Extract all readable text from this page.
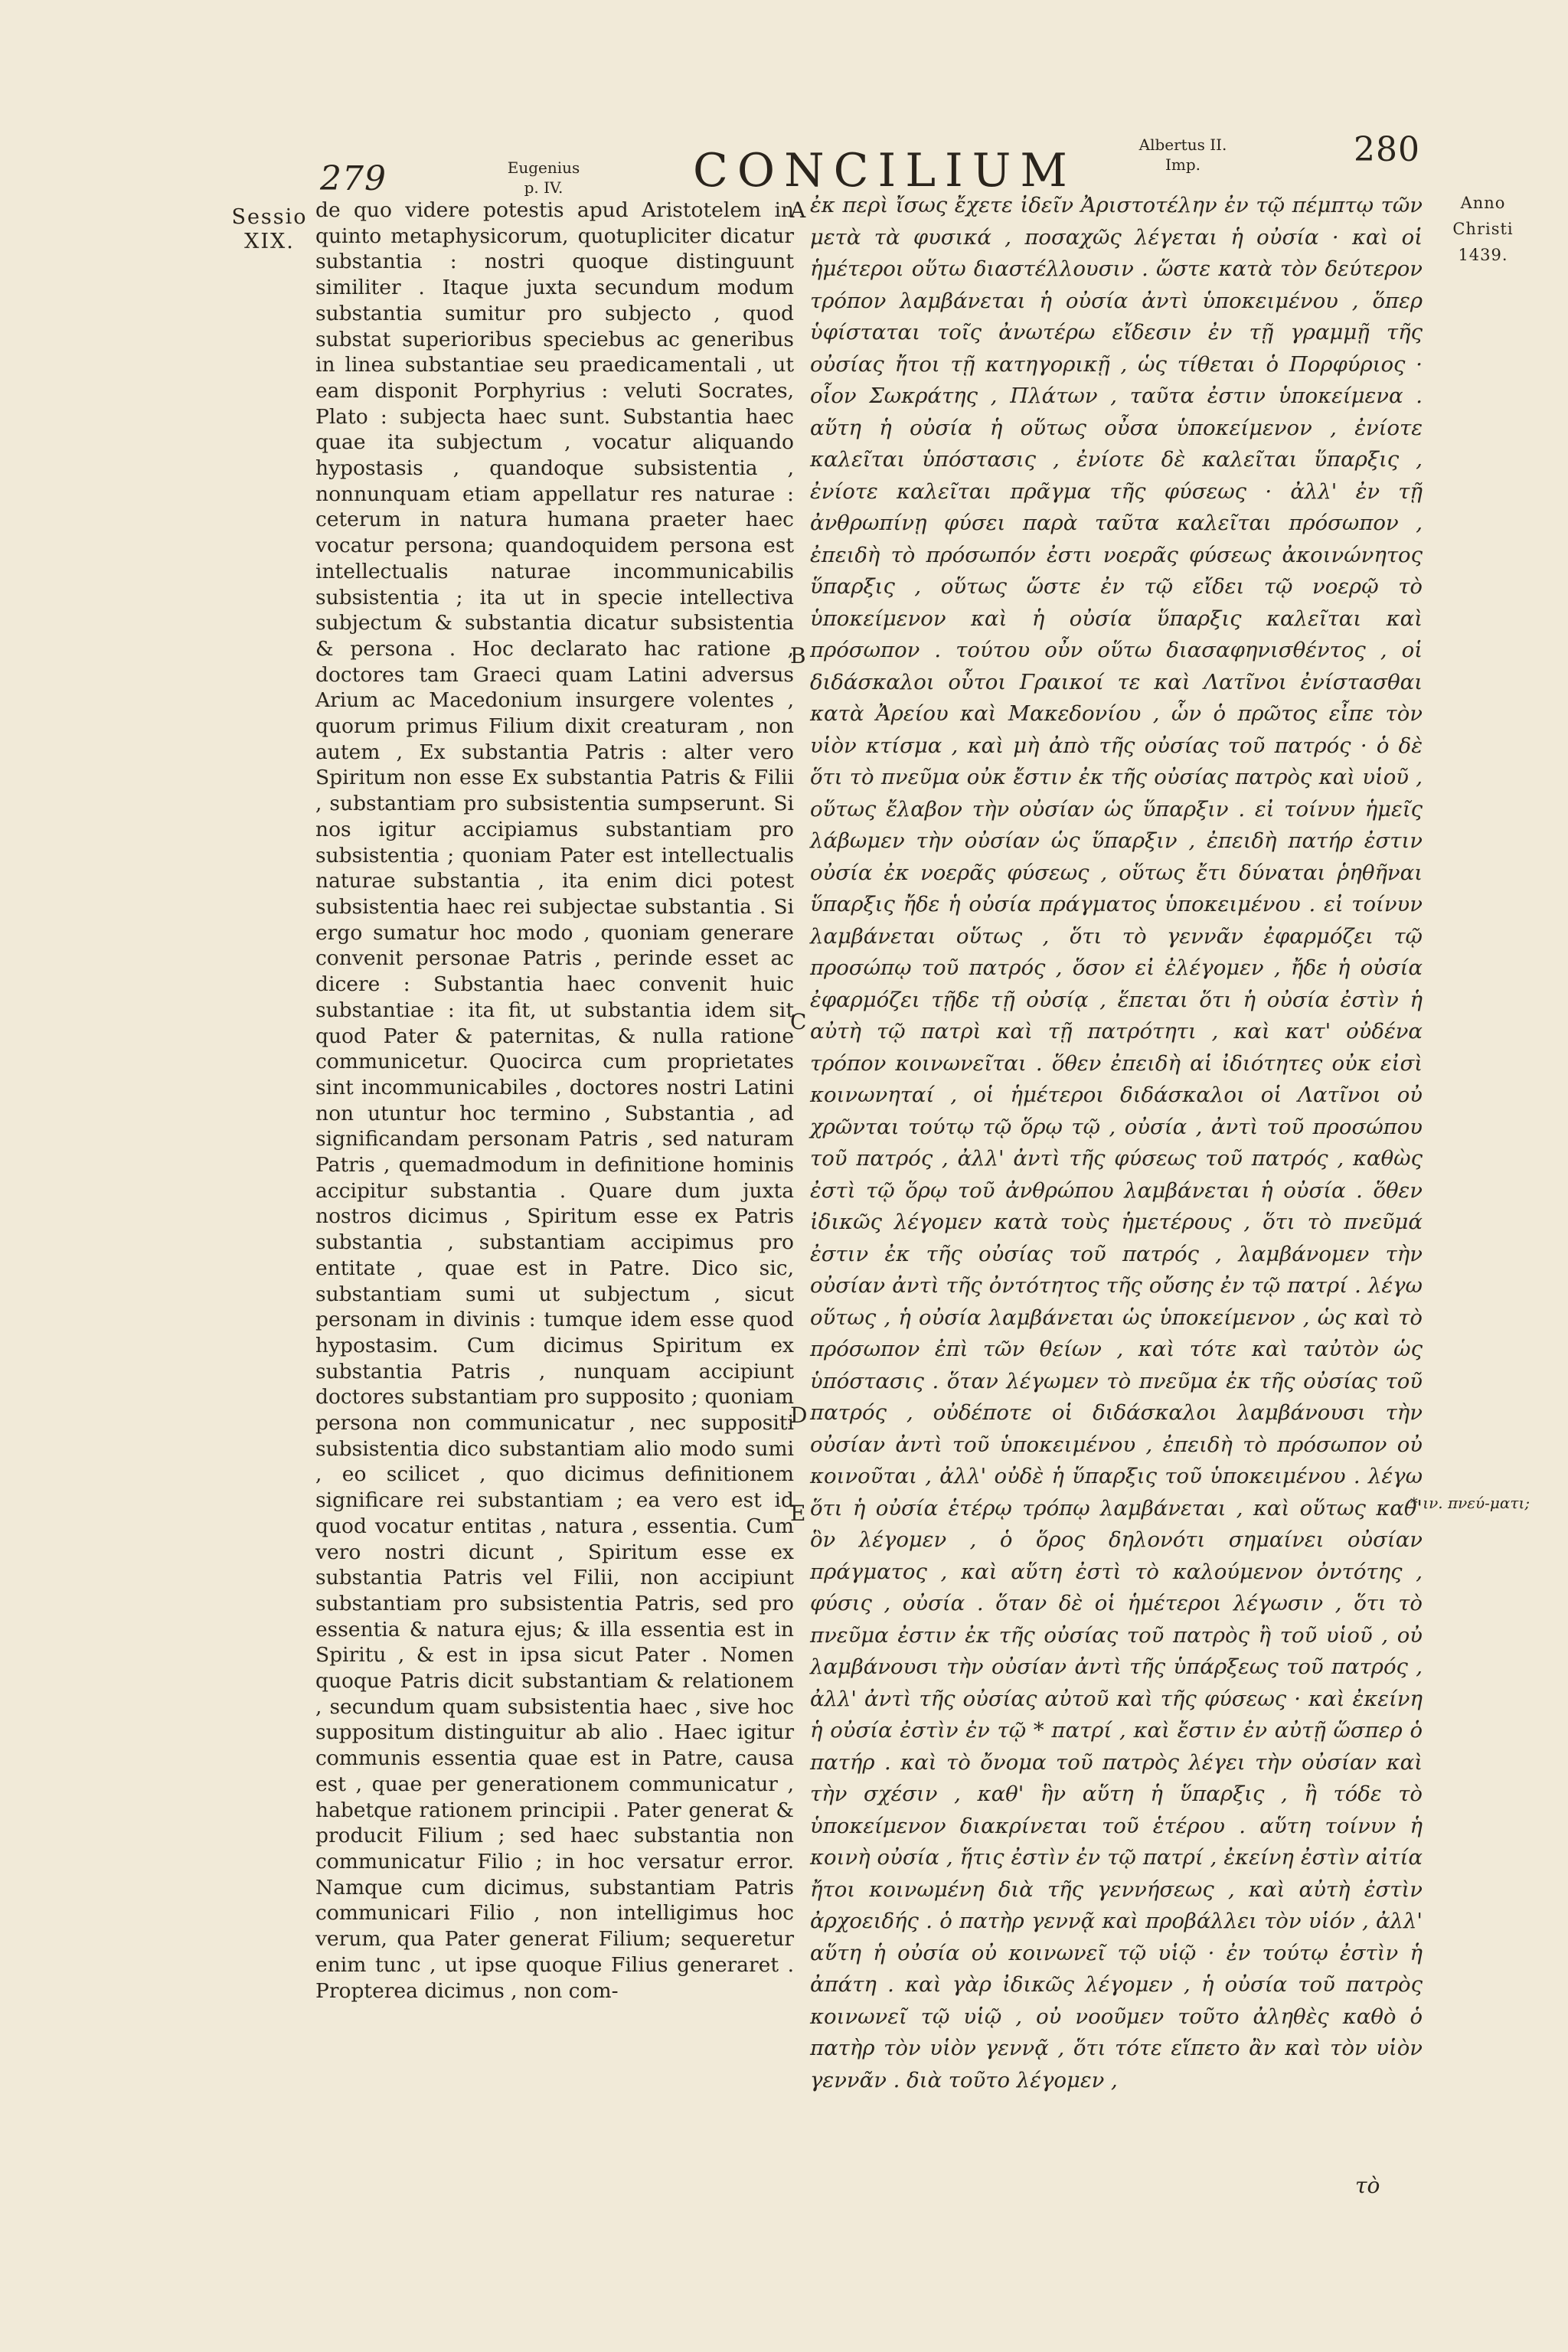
279	Eugenius
p. IV.	CONCILIUM	Albertus II.
Imp.	280
Sessio
XIX.
Anno
Christi
1439.
* ιν. πνεύ-ματι;

de quo videre potestis apud Aristotelem in quinto metaphysicorum, quotupliciter dicatur substantia : nostri quoque distinguunt similiter . Itaque juxta secundum modum substantia sumitur pro subjecto , quod substat superioribus speciebus ac generibus in linea substantiae seu praedicamentali , ut eam disponit Porphyrius : veluti Socrates, Plato : subjecta haec sunt. Substantia haec quae ita subjectum , vocatur aliquando hypostasis , quandoque subsistentia , nonnunquam etiam appellatur res naturae : ceterum in natura humana praeter haec vocatur persona; quandoquidem persona est intellectualis naturae incommunicabilis subsistentia ; ita ut in specie intellectiva subjectum & substantia dicatur subsistentia & persona . Hoc declarato hac ratione , doctores tam Graeci quam Latini adversus Arium ac Macedonium insurgere volentes , quorum primus Filium dixit creaturam , non autem , Ex substantia Patris : alter vero Spiritum non esse Ex substantia Patris & Filii , substantiam pro subsistentia sumpserunt. Si nos igitur accipiamus substantiam pro subsistentia ; quoniam Pater est intellectualis naturae substantia , ita enim dici potest subsistentia haec rei subjectae substantia . Si ergo sumatur hoc modo , quoniam generare convenit personae Patris , perinde esset ac dicere : Substantia haec convenit huic substantiae : ita fit, ut substantia idem sit quod Pater & paternitas, & nulla ratione communicetur. Quocirca cum proprietates sint incommunicabiles , doctores nostri Latini non utuntur hoc termino , Substantia , ad significandam personam Patris , sed naturam Patris , quemadmodum in definitione hominis accipitur substantia . Quare dum juxta nostros dicimus , Spiritum esse ex Patris substantia , substantiam accipimus pro entitate , quae est in Patre. Dico sic, substantiam sumi ut subjectum , sicut personam in divinis : tumque idem esse quod hypostasim. Cum dicimus Spiritum ex substantia Patris , nunquam accipiunt doctores substantiam pro supposito ; quoniam persona non communicatur , nec suppositi subsistentia dico substantiam alio modo sumi , eo scilicet , quo dicimus definitionem significare rei substantiam ; ea vero est id quod vocatur entitas , natura , essentia. Cum vero nostri dicunt , Spiritum esse ex substantia Patris vel Filii, non accipiunt substantiam pro subsistentia Patris, sed pro essentia & natura ejus; & illa essentia est in Spiritu , & est in ipsa sicut Pater . Nomen quoque Patris dicit substantiam & relationem , secundum quam subsistentia haec , sive hoc suppositum distinguitur ab alio . Haec igitur communis essentia quae est in Patre, causa est , quae per generationem communicatur , habetque rationem principii . Pater generat & producit Filium ; sed haec substantia non communicatur Filio ; in hoc versatur error. Namque cum dicimus, substantiam Patris communicari Filio , non intelligimus hoc verum, qua Pater generat Filium; sequeretur enim tunc , ut ipse quoque Filius generaret . Propterea dicimus , non com-

A
B
C
D
E

ἐκ περὶ ἴσως ἔχετε ἰδεῖν Ἀριστοτέλην ἐν τῷ πέμπτῳ τῶν μετὰ τὰ φυσικά , ποσαχῶς λέγεται ἡ οὐσία · καὶ οἱ ἡμέτεροι οὕτω διαστέλλουσιν . ὥστε κατὰ τὸν δεύτερον τρόπον λαμβάνεται ἡ οὐσία ἀντὶ ὑποκειμένου , ὅπερ ὑφίσταται τοῖς ἀνωτέρω εἴδεσιν ἐν τῇ γραμμῇ τῆς οὐσίας ἤτοι τῇ κατηγορικῇ , ὡς τίθεται ὁ Πορφύριος · οἷον Σωκράτης , Πλάτων , ταῦτα ἐστιν ὑποκείμενα . αὕτη ἡ οὐσία ἡ οὕτως οὖσα ὑποκείμενον , ἐνίοτε καλεῖται ὑπόστασις , ἐνίοτε δὲ καλεῖται ὕπαρξις , ἐνίοτε καλεῖται πρᾶγμα τῆς φύσεως · ἀλλ' ἐν τῇ ἀνθρωπίνῃ φύσει παρὰ ταῦτα καλεῖται πρόσωπον , ἐπειδὴ τὸ πρόσωπόν ἐστι νοερᾶς φύσεως ἀκοινώνητος ὕπαρξις , οὕτως ὥστε ἐν τῷ εἴδει τῷ νοερῷ τὸ ὑποκείμενον καὶ ἡ οὐσία ὕπαρξις καλεῖται καὶ πρόσωπον . τούτου οὖν οὕτω διασαφηνισθέντος , οἱ διδάσκαλοι οὗτοι Γραικοί τε καὶ Λατῖνοι ἐνίστασθαι κατὰ Ἀρείου καὶ Μακεδονίου , ὧν ὁ πρῶτος εἶπε τὸν υἱὸν κτίσμα , καὶ μὴ ἀπὸ τῆς οὐσίας τοῦ πατρός · ὁ δὲ ὅτι τὸ πνεῦμα οὐκ ἔστιν ἐκ τῆς οὐσίας πατρὸς καὶ υἱοῦ , οὕτως ἔλαβον τὴν οὐσίαν ὡς ὕπαρξιν . εἰ τοίνυν ἡμεῖς λάβωμεν τὴν οὐσίαν ὡς ὕπαρξιν , ἐπειδὴ πατήρ ἐστιν οὐσία ἐκ νοερᾶς φύσεως , οὕτως ἔτι δύναται ῥηθῆναι ὕπαρξις ἤδε ἡ οὐσία πράγματος ὑποκειμένου . εἰ τοίνυν λαμβάνεται οὕτως , ὅτι τὸ γεννᾶν ἐφαρμόζει τῷ προσώπῳ τοῦ πατρός , ὅσον εἰ ἐλέγομεν , ἤδε ἡ οὐσία ἐφαρμόζει τῇδε τῇ οὐσίᾳ , ἕπεται ὅτι ἡ οὐσία ἐστὶν ἡ αὐτὴ τῷ πατρὶ καὶ τῇ πατρότητι , καὶ κατ' οὐδένα τρόπον κοινωνεῖται . ὅθεν ἐπειδὴ αἱ ἰδιότητες οὐκ εἰσὶ κοινωνηταί , οἱ ἡμέτεροι διδάσκαλοι οἱ Λατῖνοι οὐ χρῶνται τούτῳ τῷ ὅρῳ τῷ , οὐσία , ἀντὶ τοῦ προσώπου τοῦ πατρός , ἀλλ' ἀντὶ τῆς φύσεως τοῦ πατρός , καθὼς ἐστὶ τῷ ὅρῳ τοῦ ἀνθρώπου λαμβάνεται ἡ οὐσία . ὅθεν ἰδικῶς λέγομεν κατὰ τοὺς ἡμετέρους , ὅτι τὸ πνεῦμά ἐστιν ἐκ τῆς οὐσίας τοῦ πατρός , λαμβάνομεν τὴν οὐσίαν ἀντὶ τῆς ὀντότητος τῆς οὔσης ἐν τῷ πατρί . λέγω οὕτως , ἡ οὐσία λαμβάνεται ὡς ὑποκείμενον , ὡς καὶ τὸ πρόσωπον ἐπὶ τῶν θείων , καὶ τότε καὶ ταὐτὸν ὡς ὑπόστασις . ὅταν λέγωμεν τὸ πνεῦμα ἐκ τῆς οὐσίας τοῦ πατρός , οὐδέποτε οἱ διδάσκαλοι λαμβάνουσι τὴν οὐσίαν ἀντὶ τοῦ ὑποκειμένου , ἐπειδὴ τὸ πρόσωπον οὐ κοινοῦται , ἀλλ' οὐδὲ ἡ ὕπαρξις τοῦ ὑποκειμένου . λέγω ὅτι ἡ οὐσία ἑτέρῳ τρόπῳ λαμβάνεται , καὶ οὕτως καθ' ὃν λέγομεν , ὁ ὅρος δηλονότι σημαίνει οὐσίαν πράγματος , καὶ αὕτη ἐστὶ τὸ καλούμενον ὀντότης , φύσις , οὐσία . ὅταν δὲ οἱ ἡμέτεροι λέγωσιν , ὅτι τὸ πνεῦμα ἐστιν ἐκ τῆς οὐσίας τοῦ πατρὸς ἢ τοῦ υἱοῦ , οὐ λαμβάνουσι τὴν οὐσίαν ἀντὶ τῆς ὑπάρξεως τοῦ πατρός , ἀλλ' ἀντὶ τῆς οὐσίας αὐτοῦ καὶ τῆς φύσεως · καὶ ἐκείνη ἡ οὐσία ἐστὶν ἐν τῷ * πατρί , καὶ ἔστιν ἐν αὐτῇ ὥσπερ ὁ πατήρ . καὶ τὸ ὄνομα τοῦ πατρὸς λέγει τὴν οὐσίαν καὶ τὴν σχέσιν , καθ' ἣν αὕτη ἡ ὕπαρξις , ἢ τόδε τὸ ὑποκείμενον διακρίνεται τοῦ ἑτέρου . αὕτη τοίνυν ἡ κοινὴ οὐσία , ἥτις ἐστὶν ἐν τῷ πατρί , ἐκείνη ἐστὶν αἰτία ἤτοι κοινωμένη διὰ τῆς γεννήσεως , καὶ αὐτὴ ἐστὶν ἀρχοειδής . ὁ πατὴρ γεννᾷ καὶ προβάλλει τὸν υἱόν , ἀλλ' αὕτη ἡ οὐσία οὐ κοινωνεῖ τῷ υἱῷ · ἐν τούτῳ ἐστὶν ἡ ἀπάτη . καὶ γὰρ ἰδικῶς λέγομεν , ἡ οὐσία τοῦ πατρὸς κοινωνεῖ τῷ υἱῷ , οὐ νοοῦμεν τοῦτο ἀληθὲς καθὸ ὁ πατὴρ τὸν υἱὸν γεννᾷ , ὅτι τότε εἵπετο ἂν καὶ τὸν υἱὸν γεννᾶν . διὰ τοῦτο λέγομεν ,

τὸ
